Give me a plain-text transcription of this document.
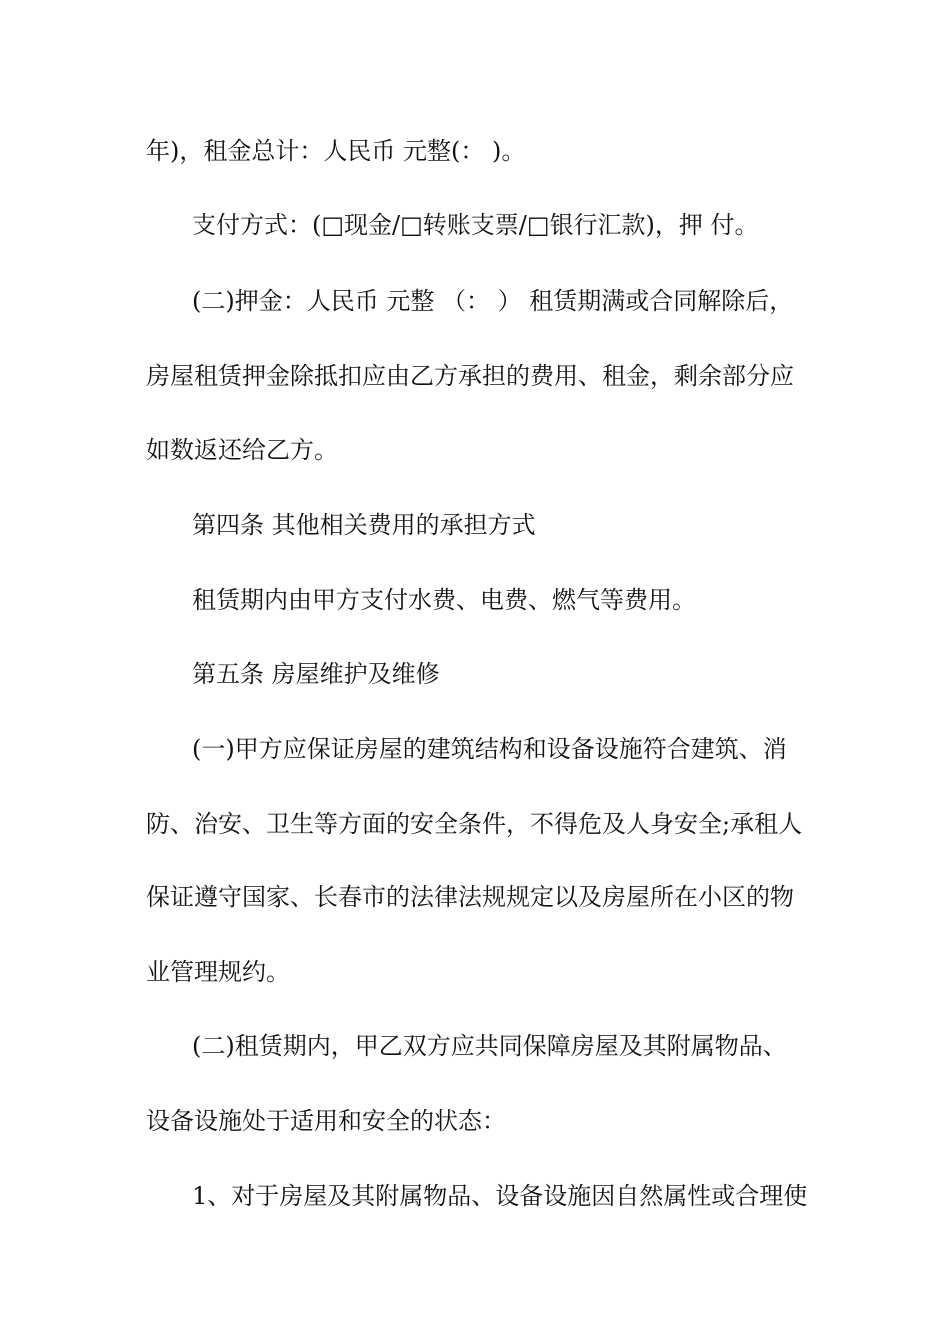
年)，租金总计：人民币 元整(： )。
支付方式：(□现金/□转账支票/□银行汇款)，押 付。
(二)押金：人民币 元整 （： ） 租赁期满或合同解除后，
房屋租赁押金除抵扣应由乙方承担的费用、租金，剩余部分应
如数返还给乙方。
第四条 其他相关费用的承担方式
租赁期内由甲方支付水费、电费、燃气等费用。
第五条 房屋维护及维修
(一)甲方应保证房屋的建筑结构和设备设施符合建筑、消
防、治安、卫生等方面的安全条件，不得危及人身安全;承租人
保证遵守国家、长春市的法律法规规定以及房屋所在小区的物
业管理规约。
(二)租赁期内，甲乙双方应共同保障房屋及其附属物品、
设备设施处于适用和安全的状态：
1、对于房屋及其附属物品、设备设施因自然属性或合理使
